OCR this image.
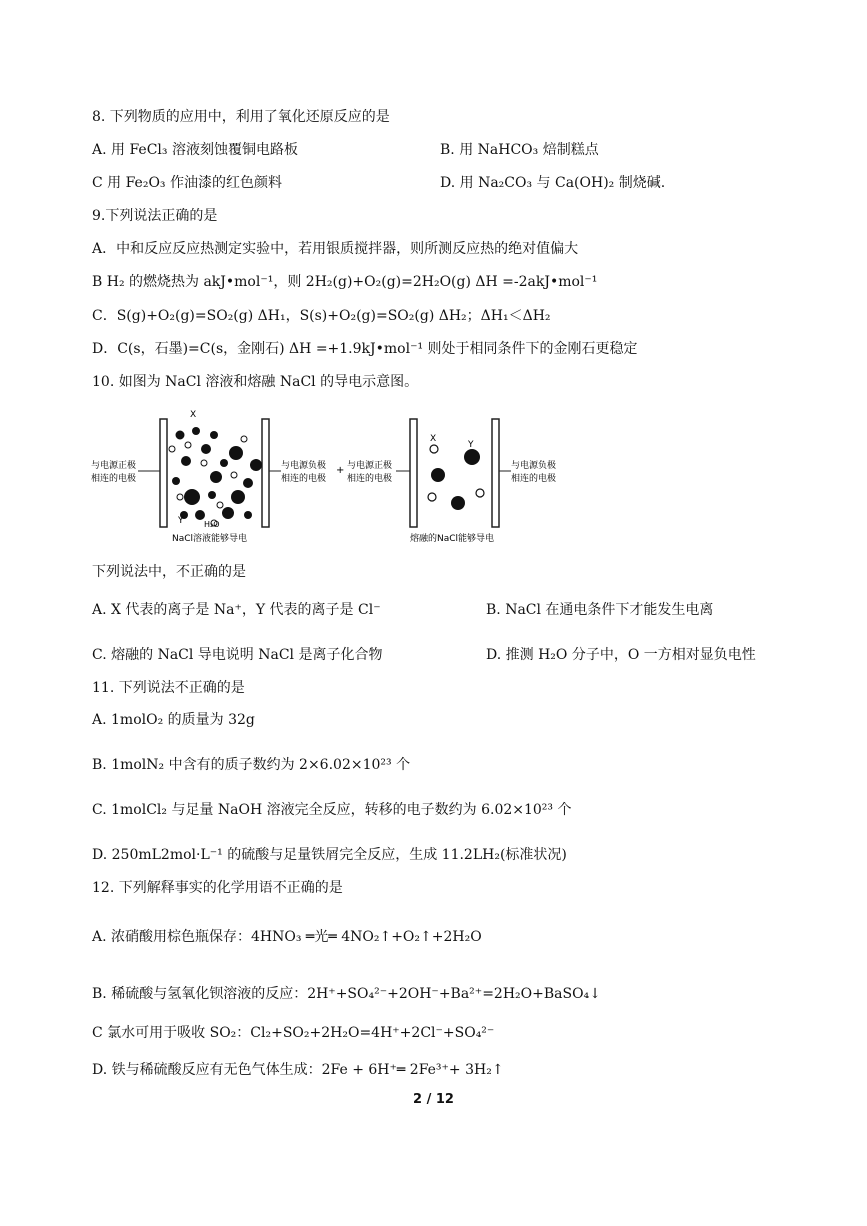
8. 下列物质的应用中，利用了氧化还原反应的是
A. 用 FeCl₃ 溶液刻蚀覆铜电路板	B. 用 NaHCO₃ 焙制糕点
C 用 Fe₂O₃ 作油漆的红色颜料	D. 用 Na₂CO₃ 与 Ca(OH)₂ 制烧碱.
9.下列说法正确的是
A．中和反应反应热测定实验中，若用银质搅拌器，则所测反应热的绝对值偏大
B H₂ 的燃烧热为 akJ•mol⁻¹，则 2H₂(g)+O₂(g)=2H₂O(g) ΔH =-2akJ•mol⁻¹
C．S(g)+O₂(g)=SO₂(g) ΔH₁，S(s)+O₂(g)=SO₂(g) ΔH₂；ΔH₁＜ΔH₂
D．C(s，石墨)=C(s，金刚石) ΔH =+1.9kJ•mol⁻¹ 则处于相同条件下的金刚石更稳定
10. 如图为 NaCl 溶液和熔融 NaCl 的导电示意图。
与电源正极
相连的电极
与电源负极
相连的电极
+ 与电源正极
相连的电极
与电源负极
相连的电极
X
Y	H₂O
X
Y
NaCl溶液能够导电	熔融的NaCl能够导电
下列说法中，不正确的是
A. X 代表的离子是 Na⁺，Y 代表的离子是 Cl⁻	B. NaCl 在通电条件下才能发生电离
C. 熔融的 NaCl 导电说明 NaCl 是离子化合物	D. 推测 H₂O 分子中，O 一方相对显负电性
11. 下列说法不正确的是
A. 1molO₂ 的质量为 32g
B. 1molN₂ 中含有的质子数约为 2×6.02×10²³ 个
C. 1molCl₂ 与足量 NaOH 溶液完全反应，转移的电子数约为 6.02×10²³ 个
D. 250mL2mol·L⁻¹ 的硫酸与足量铁屑完全反应，生成 11.2LH₂(标准状况)
12. 下列解释事实的化学用语不正确的是
A. 浓硝酸用棕色瓶保存：4HNO₃ ═光═ 4NO₂↑+O₂↑+2H₂O
B. 稀硫酸与氢氧化钡溶液的反应：2H⁺+SO₄²⁻+2OH⁻+Ba²⁺=2H₂O+BaSO₄↓
C 氯水可用于吸收 SO₂：Cl₂+SO₂+2H₂O=4H⁺+2Cl⁻+SO₄²⁻
D. 铁与稀硫酸反应有无色气体生成：2Fe + 6H⁺═ 2Fe³⁺+ 3H₂↑
2 / 12
